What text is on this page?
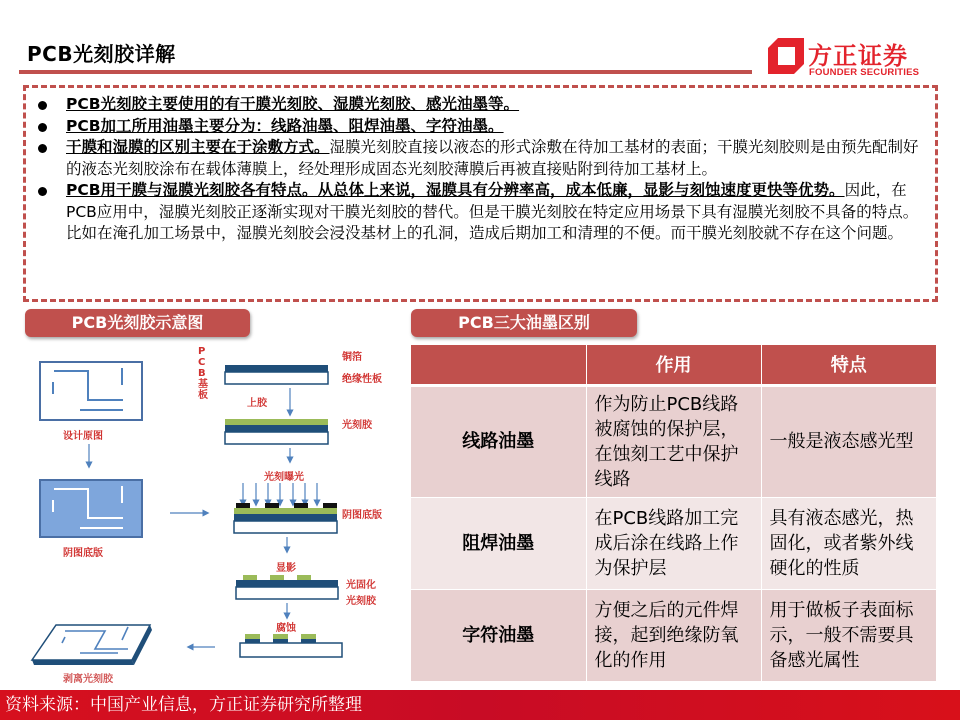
PCB光刻胶详解	方正证券
FOUNDER SECURITIES
PCB光刻胶主要使用的有干膜光刻胶、湿膜光刻胶、感光油墨等。
PCB加工所用油墨主要分为：线路油墨、阻焊油墨、字符油墨。
干膜和湿膜的区别主要在于涂敷方式。湿膜光刻胶直接以液态的形式涂敷在待加工基材的表面；干膜光刻胶则是由预先配制好的液态光刻胶涂布在载体薄膜上，经处理形成固态光刻胶薄膜后再被直接贴附到待加工基材上。
PCB用干膜与湿膜光刻胶各有特点。从总体上来说，湿膜具有分辨率高，成本低廉，显影与刻蚀速度更快等优势。因此，在PCB应用中，湿膜光刻胶正逐渐实现对干膜光刻胶的替代。但是干膜光刻胶在特定应用场景下具有湿膜光刻胶不具备的特点。比如在淹孔加工场景中，湿膜光刻胶会浸没基材上的孔洞，造成后期加工和清理的不便。而干膜光刻胶就不存在这个问题。
PCB光刻胶示意图	PCB三大油墨区别
设计原图
阴图底版
剥离光刻胶
P C B 基 板
铜箔
绝缘性板
上胶
光刻胶
光刻曝光
阴图底版
显影
光固化
光刻胶
腐蚀
	作用	特点
线路油墨	作为防止PCB线路被腐蚀的保护层，在蚀刻工艺中保护线路	一般是液态感光型
阻焊油墨	在PCB线路加工完成后涂在线路上作为保护层	具有液态感光，热固化，或者紫外线硬化的性质
字符油墨	方便之后的元件焊接，起到绝缘防氧化的作用	用于做板子表面标示，一般不需要具备感光属性
资料来源：中国产业信息，方正证券研究所整理
